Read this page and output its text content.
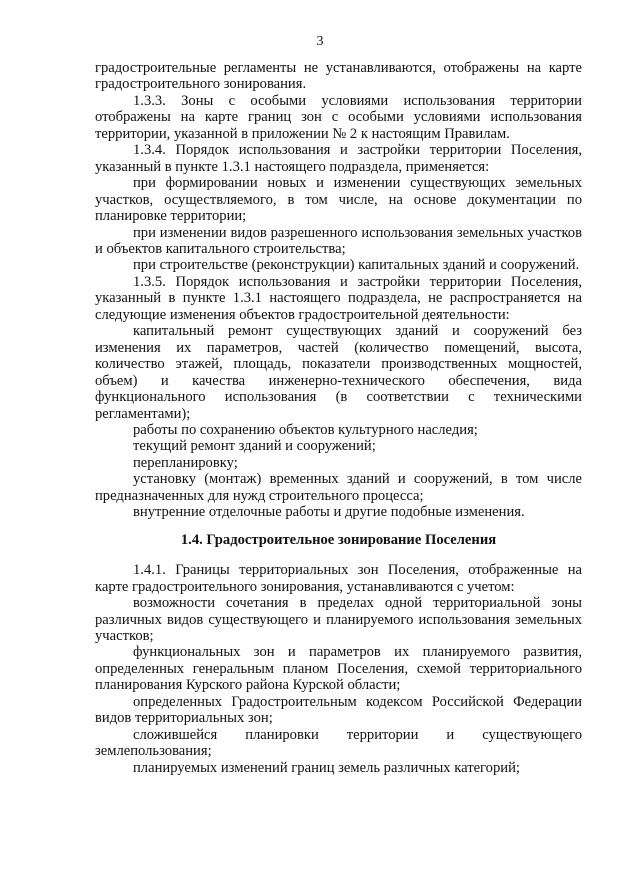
3

градостроительные регламенты не устанавливаются, отображены на карте градостроительного зонирования.

1.3.3. Зоны с особыми условиями использования территории отображены на карте границ зон с особыми условиями использования территории, указанной в приложении № 2 к настоящим Правилам.

1.3.4. Порядок использования и застройки территории Поселения, указанный в пункте 1.3.1 настоящего подраздела, применяется:

при формировании новых и изменении существующих земельных участков, осуществляемого, в том числе, на основе документации по планировке территории;

при изменении видов разрешенного использования земельных участков и объектов капитального строительства;

при строительстве (реконструкции) капитальных зданий и сооружений.

1.3.5. Порядок использования и застройки территории Поселения, указанный в пункте 1.3.1 настоящего подраздела, не распространяется на следующие изменения объектов градостроительной деятельности:

капитальный ремонт существующих зданий и сооружений без изменения их параметров, частей (количество помещений, высота, количество этажей, площадь, показатели производственных мощностей, объем) и качества инженерно-технического обеспечения, вида функционального использования (в соответствии с техническими регламентами);

работы по сохранению объектов культурного наследия;

текущий ремонт зданий и сооружений;

перепланировку;

установку (монтаж) временных зданий и сооружений, в том числе предназначенных для нужд строительного процесса;

внутренние отделочные работы и другие подобные изменения.

1.4. Градостроительное зонирование Поселения

1.4.1. Границы территориальных зон Поселения, отображенные на карте градостроительного зонирования, устанавливаются с учетом:

возможности сочетания в пределах одной территориальной зоны различных видов существующего и планируемого использования земельных участков;

функциональных зон и параметров их планируемого развития, определенных генеральным планом Поселения, схемой территориального планирования Курского района Курской области;

определенных Градостроительным кодексом Российской Федерации видов территориальных зон;

сложившейся планировки территории и существующего землепользования;

планируемых изменений границ земель различных категорий;
